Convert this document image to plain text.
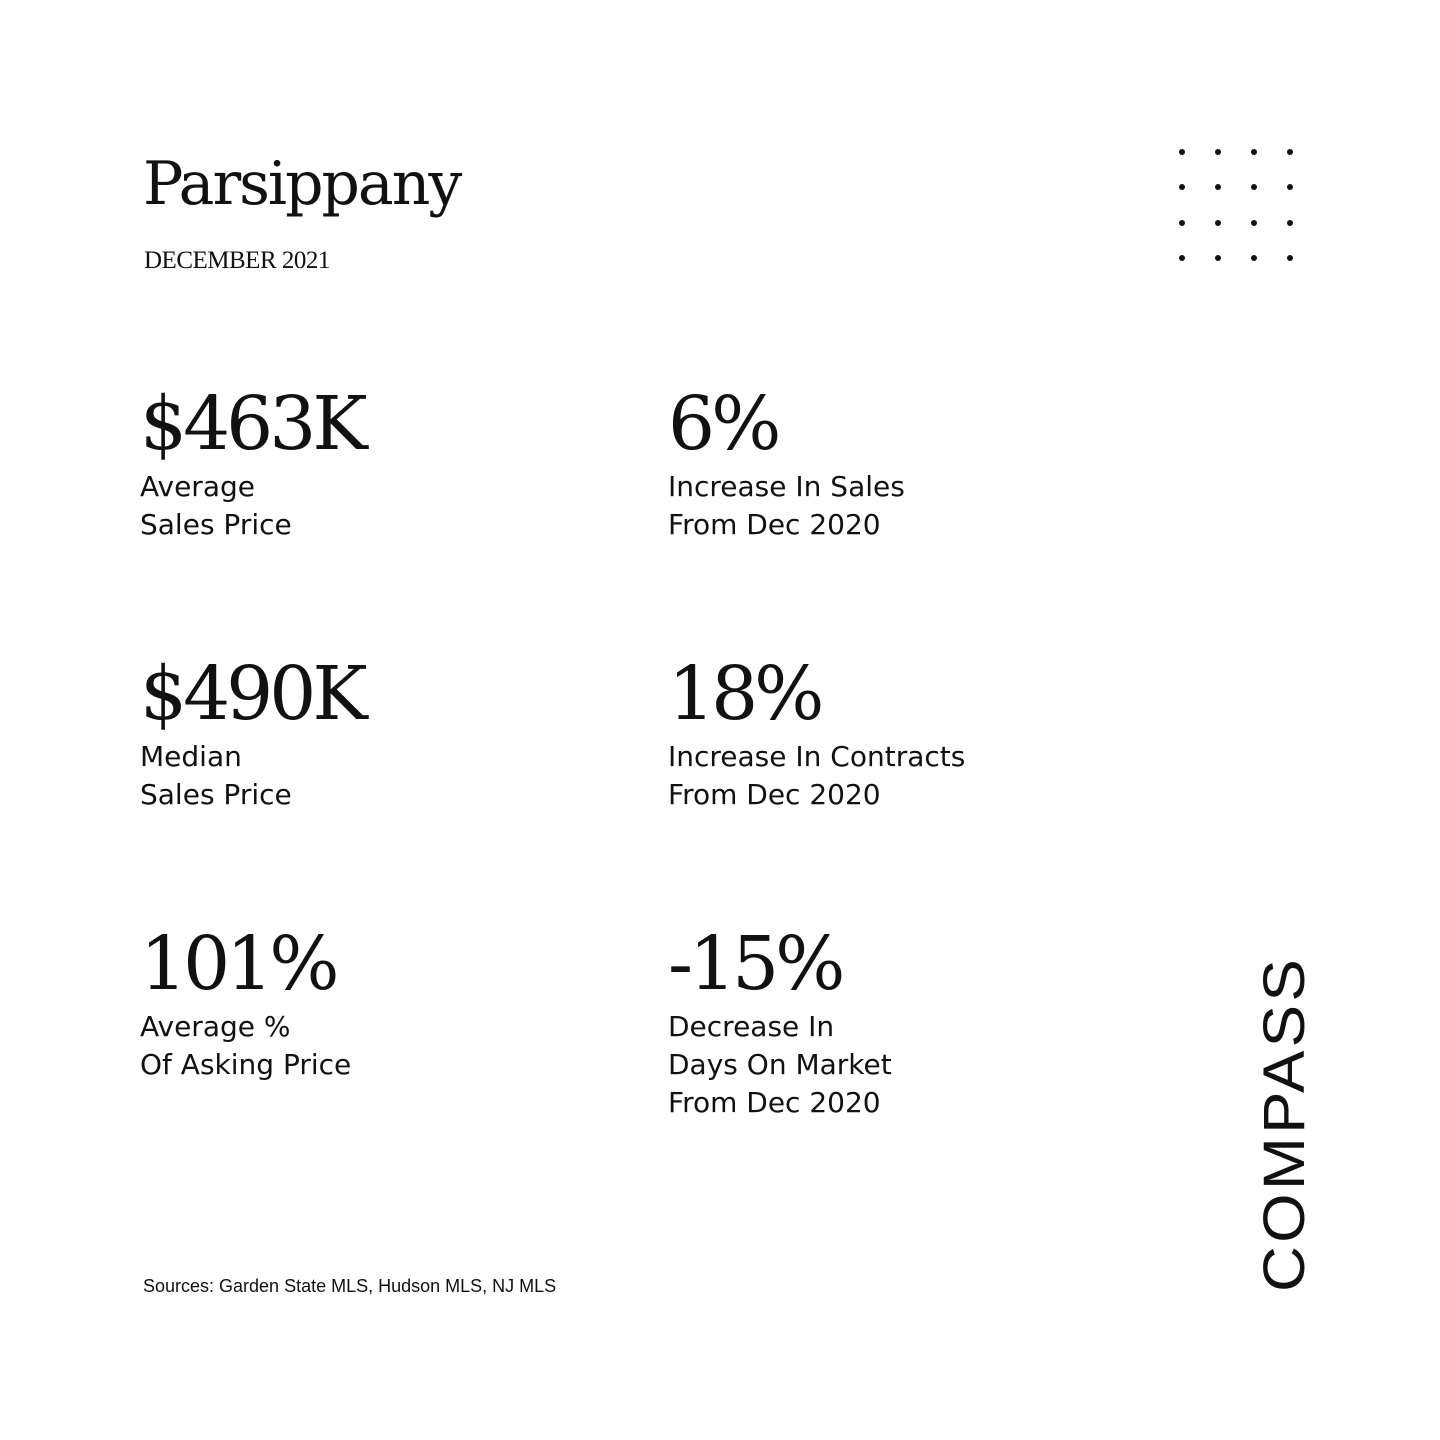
Parsippany
DECEMBER 2021
$463K
Average
Sales Price
6%
Increase In Sales
From Dec 2020
$490K
Median
Sales Price
18%
Increase In Contracts
From Dec 2020
101%
Average %
Of Asking Price
-15%
Decrease In
Days On Market
From Dec 2020
Sources: Garden State MLS, Hudson MLS, NJ MLS	COMPASS
